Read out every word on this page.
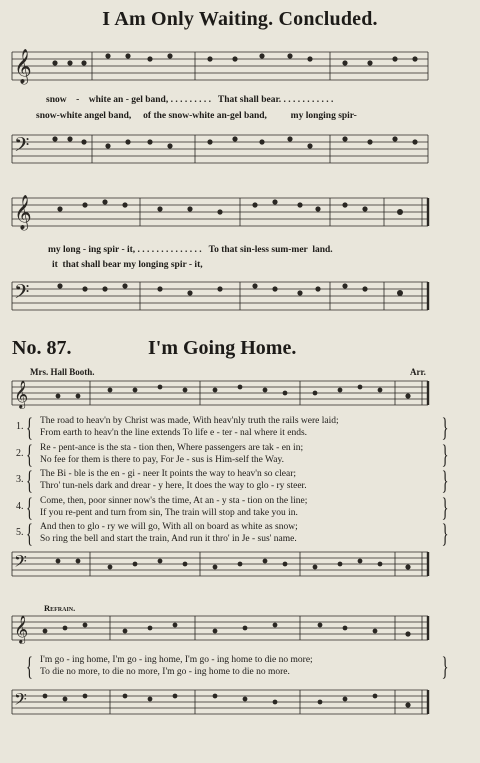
I Am Only Waiting. Concluded.
𝄞
snow    -    white an - gel band, . . . . . . . . .   That shall bear. . . . . . . . . . . .
snow-white angel band,     of the snow-white an-gel band,          my longing spir-
𝄢
𝄞
my long - ing spir - it, . . . . . . . . . . . . . .   To that sin-less sum-mer  land.
it  that shall bear my longing spir - it,
𝄢
No. 87.	I'm Going Home.
Mrs. Hall Booth.	Arr.
𝄞
1. { The road to heav'n by Christ was made, With heav'nly truth the rails were laid;
From earth to heav'n the line extends To life e - ter - nal where it ends.	}
2. { Re - pent-ance is the sta - tion then, Where passengers are tak - en in;
No fee for them is there to pay, For Je - sus is Him-self the Way.	}
3. { The Bi - ble is the en - gi - neer It points the way to heav'n so clear;
Thro' tun-nels dark and drear - y here, It does the way to glo - ry steer.	}
4. { Come, then, poor sinner now's the time, At an - y sta - tion on the line;
If you re-pent and turn from sin, The train will stop and take you in.	}
5. { And then to glo - ry we will go, With all on board as white as snow;
So ring the bell and start the train, And run it thro' in Je - sus' name.	}
𝄢
Refrain.
𝄞
{ I'm go - ing home, I'm go - ing home, I'm go - ing home to die no more;
To die no more, to die no more, I'm go - ing home to die no more.	}
𝄢
